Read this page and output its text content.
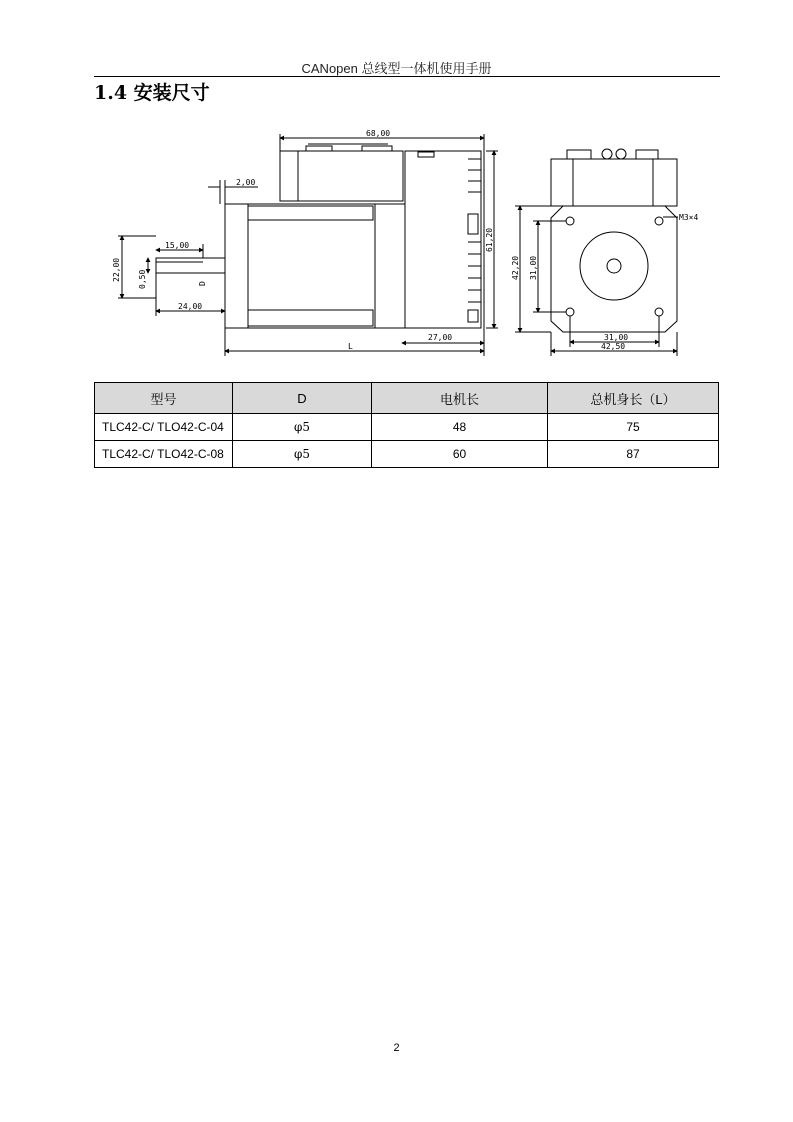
CANopen 总线型一体机使用手册
1.4 安装尺寸
68,00
2,00
15,00
22,00 0,50	D
24,00
27,00
L
61,20
42,20 31,00
31,00
42,50
M3×4
型号	D	电机长	总机身长（L）
TLC42-C/ TLO42-C-04	φ5	48	75
TLC42-C/ TLO42-C-08	φ5	60	87
2
